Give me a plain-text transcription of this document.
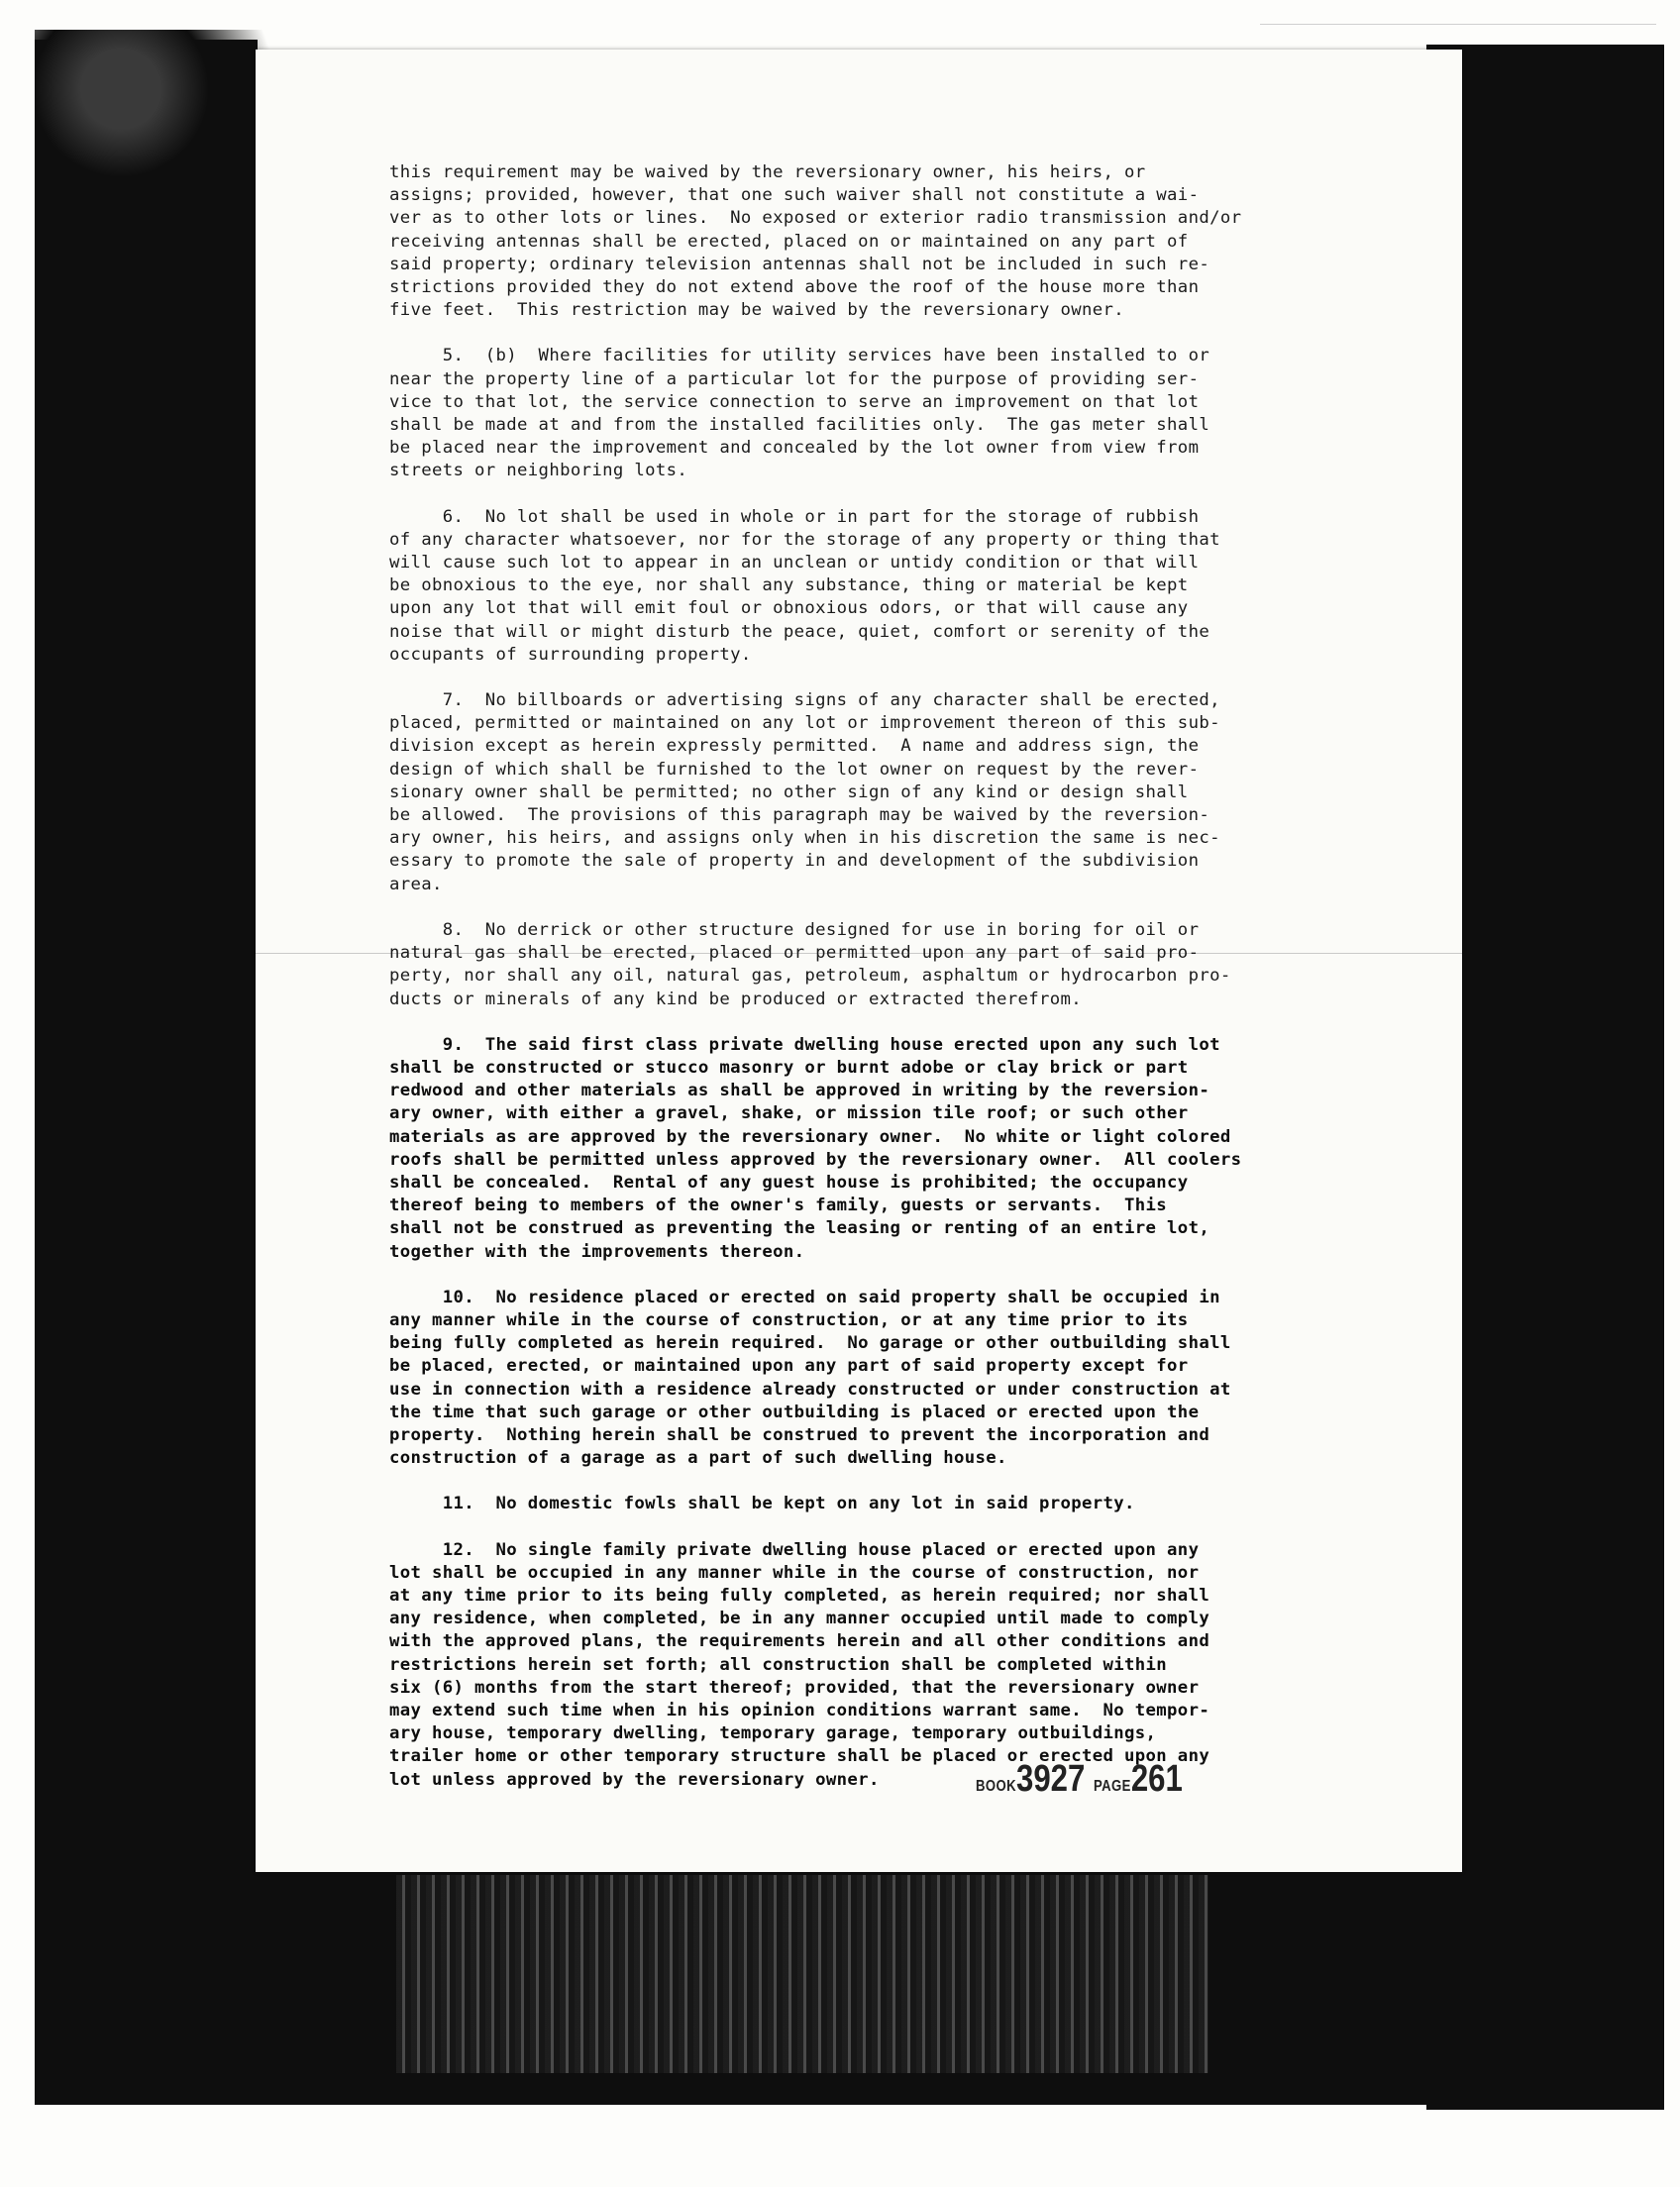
this requirement may be waived by the reversionary owner, his heirs, or
assigns; provided, however, that one such waiver shall not constitute a wai-
ver as to other lots or lines.  No exposed or exterior radio transmission and/or
receiving antennas shall be erected, placed on or maintained on any part of
said property; ordinary television antennas shall not be included in such re-
strictions provided they do not extend above the roof of the house more than
five feet.  This restriction may be waived by the reversionary owner.

5.  (b)  Where facilities for utility services have been installed to or
near the property line of a particular lot for the purpose of providing ser-
vice to that lot, the service connection to serve an improvement on that lot
shall be made at and from the installed facilities only.  The gas meter shall
be placed near the improvement and concealed by the lot owner from view from
streets or neighboring lots.

6.  No lot shall be used in whole or in part for the storage of rubbish
of any character whatsoever, nor for the storage of any property or thing that
will cause such lot to appear in an unclean or untidy condition or that will
be obnoxious to the eye, nor shall any substance, thing or material be kept
upon any lot that will emit foul or obnoxious odors, or that will cause any
noise that will or might disturb the peace, quiet, comfort or serenity of the
occupants of surrounding property.

7.  No billboards or advertising signs of any character shall be erected,
placed, permitted or maintained on any lot or improvement thereon of this sub-
division except as herein expressly permitted.  A name and address sign, the
design of which shall be furnished to the lot owner on request by the rever-
sionary owner shall be permitted; no other sign of any kind or design shall
be allowed.  The provisions of this paragraph may be waived by the reversion-
ary owner, his heirs, and assigns only when in his discretion the same is nec-
essary to promote the sale of property in and development of the subdivision
area.

8.  No derrick or other structure designed for use in boring for oil or
natural gas shall be erected, placed or permitted upon any part of said pro-
perty, nor shall any oil, natural gas, petroleum, asphaltum or hydrocarbon pro-
ducts or minerals of any kind be produced or extracted therefrom.

9.  The said first class private dwelling house erected upon any such lot
shall be constructed or stucco masonry or burnt adobe or clay brick or part
redwood and other materials as shall be approved in writing by the reversion-
ary owner, with either a gravel, shake, or mission tile roof; or such other
materials as are approved by the reversionary owner.  No white or light colored
roofs shall be permitted unless approved by the reversionary owner.  All coolers
shall be concealed.  Rental of any guest house is prohibited; the occupancy
thereof being to members of the owner's family, guests or servants.  This
shall not be construed as preventing the leasing or renting of an entire lot,
together with the improvements thereon.

10.  No residence placed or erected on said property shall be occupied in
any manner while in the course of construction, or at any time prior to its
being fully completed as herein required.  No garage or other outbuilding shall
be placed, erected, or maintained upon any part of said property except for
use in connection with a residence already constructed or under construction at
the time that such garage or other outbuilding is placed or erected upon the
property.  Nothing herein shall be construed to prevent the incorporation and
construction of a garage as a part of such dwelling house.

11.  No domestic fowls shall be kept on any lot in said property.

12.  No single family private dwelling house placed or erected upon any
lot shall be occupied in any manner while in the course of construction, nor
at any time prior to its being fully completed, as herein required; nor shall
any residence, when completed, be in any manner occupied until made to comply
with the approved plans, the requirements herein and all other conditions and
restrictions herein set forth; all construction shall be completed within
six (6) months from the start thereof; provided, that the reversionary owner
may extend such time when in his opinion conditions warrant same.  No tempor-
ary house, temporary dwelling, temporary garage, temporary outbuildings,
trailer home or other temporary structure shall be placed or erected upon any
lot unless approved by the reversionary owner.	BOOK3927 PAGE261
